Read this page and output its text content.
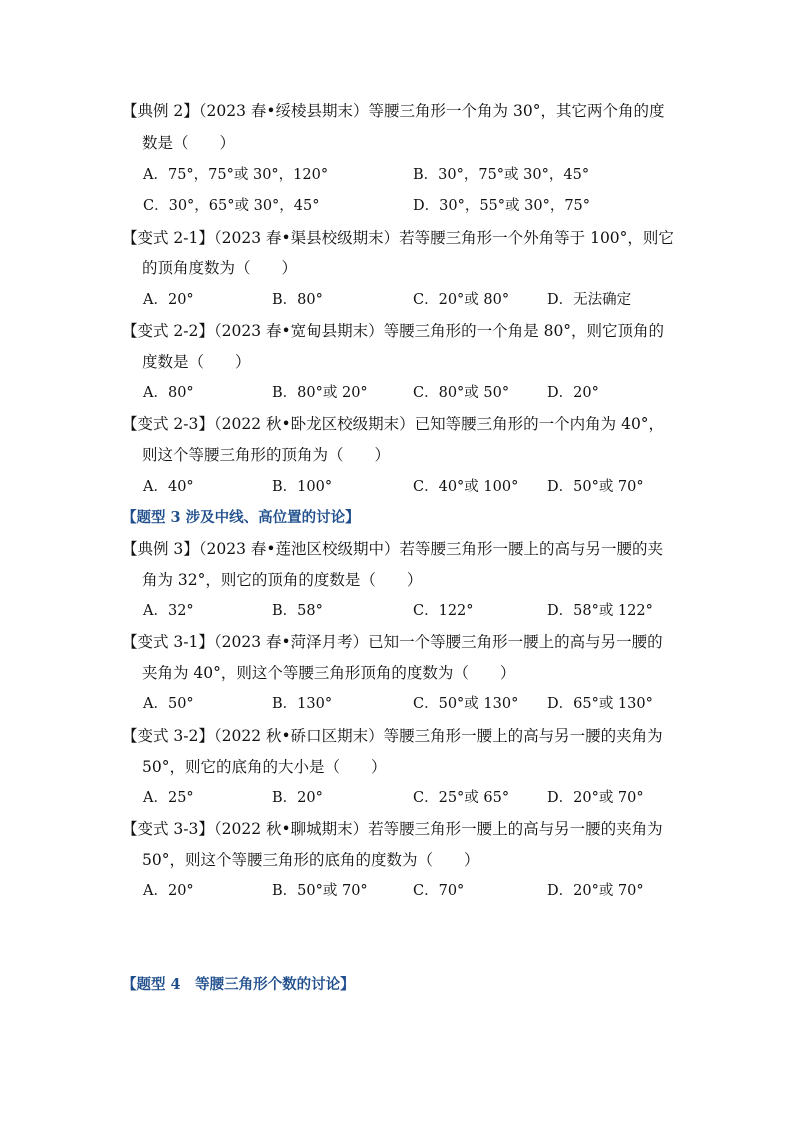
【典例 2】（2023 春•绥棱县期末）等腰三角形一个角为 30°，其它两个角的度
数是（　　）
A．75°，75°或 30°，120°	B．30°，75°或 30°，45°
C．30°，65°或 30°，45°	D．30°，55°或 30°，75°
【变式 2-1】（2023 春•渠县校级期末）若等腰三角形一个外角等于 100°，则它
的顶角度数为（　　）
A．20°	B．80°	C．20°或 80°	D．无法确定
【变式 2-2】（2023 春•宽甸县期末）等腰三角形的一个角是 80°，则它顶角的
度数是（　　）
A．80°	B．80°或 20°	C．80°或 50°	D．20°
【变式 2-3】（2022 秋•卧龙区校级期末）已知等腰三角形的一个内角为 40°，
则这个等腰三角形的顶角为（　　）
A．40°	B．100°	C．40°或 100° D．50°或 70°
【题型 3 涉及中线、高位置的讨论】
【典例 3】（2023 春•莲池区校级期中）若等腰三角形一腰上的高与另一腰的夹
角为 32°，则它的顶角的度数是（　　）
A．32°	B．58°	C．122°	D．58°或 122°
【变式 3-1】（2023 春•菏泽月考）已知一个等腰三角形一腰上的高与另一腰的
夹角为 40°，则这个等腰三角形顶角的度数为（　　）
A．50°	B．130°	C．50°或 130° D．65°或 130°
【变式 3-2】（2022 秋•硚口区期末）等腰三角形一腰上的高与另一腰的夹角为
50°，则它的底角的大小是（　　）
A．25°	B．20°	C．25°或 65°	D．20°或 70°
【变式 3-3】（2022 秋•聊城期末）若等腰三角形一腰上的高与另一腰的夹角为
50°，则这个等腰三角形的底角的度数为（　　）
A．20°	B．50°或 70°	C．70°	D．20°或 70°
【题型 4　等腰三角形个数的讨论】
